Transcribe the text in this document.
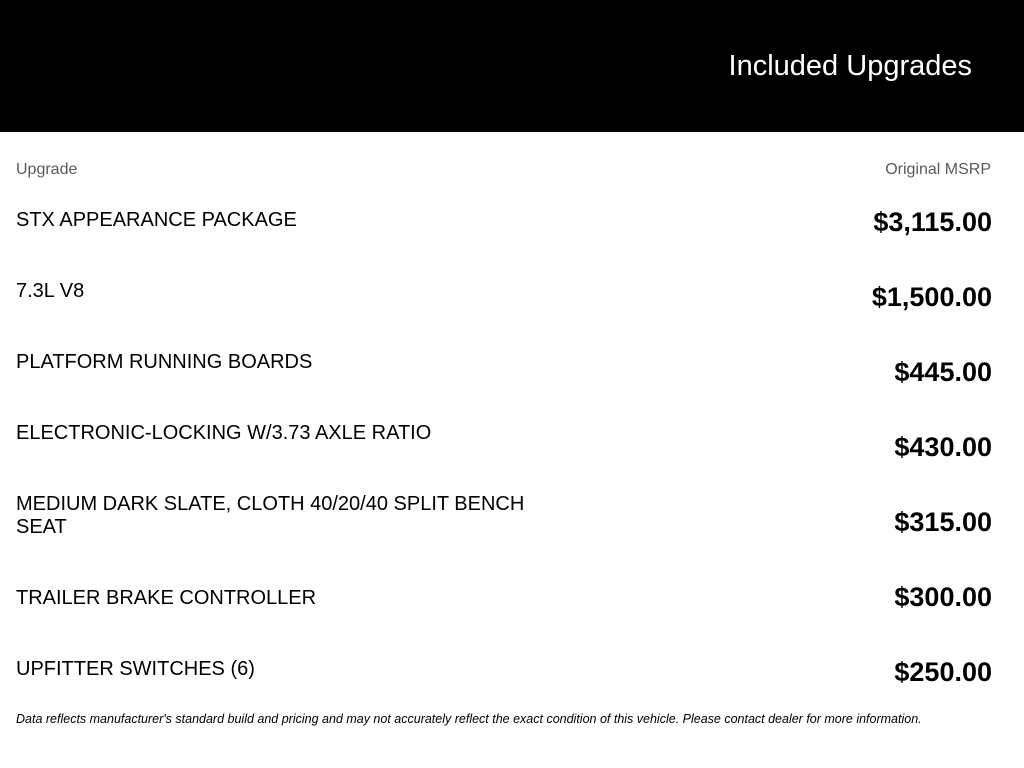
Included Upgrades
Upgrade	Original MSRP
STX APPEARANCE PACKAGE	$3,115.00
7.3L V8	$1,500.00
PLATFORM RUNNING BOARDS	$445.00
ELECTRONIC-LOCKING W/3.73 AXLE RATIO	$430.00
MEDIUM DARK SLATE, CLOTH 40/20/40 SPLIT BENCH SEAT	$315.00
TRAILER BRAKE CONTROLLER	$300.00
UPFITTER SWITCHES (6)	$250.00
Data reflects manufacturer's standard build and pricing and may not accurately reflect the exact condition of this vehicle. Please contact dealer for more information.
